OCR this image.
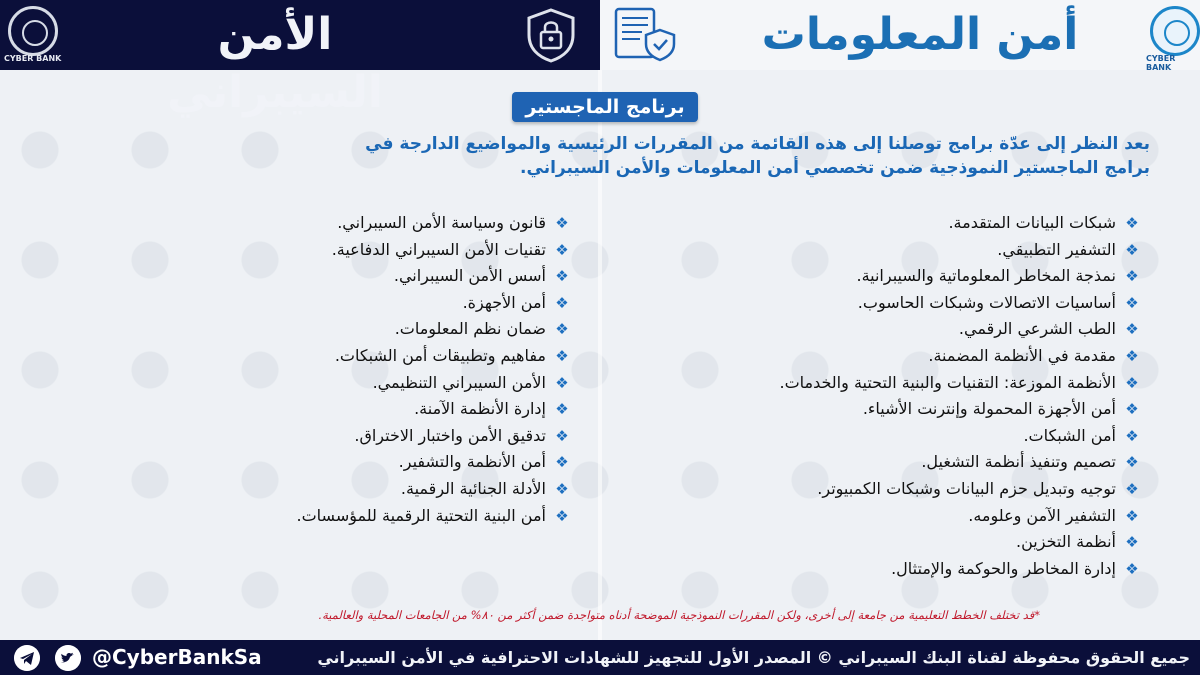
CYBER BANK	الأمن السيبراني
أمن المعلومات	CYBER BANK
برنامج الماجستير
بعد النظر إلى عدّة برامج توصلنا إلى هذه القائمة من المقررات الرئيسية والمواضيع الدارجة في برامج الماجستير النموذجية ضمن تخصصي أمن المعلومات والأمن السيبراني.
❖شبكات البيانات المتقدمة.
❖التشفير التطبيقي.
❖نمذجة المخاطر المعلوماتية والسيبرانية.
❖أساسيات الاتصالات وشبكات الحاسوب.
❖الطب الشرعي الرقمي.
❖مقدمة في الأنظمة المضمنة.
❖الأنظمة الموزعة: التقنيات والبنية التحتية والخدمات.
❖أمن الأجهزة المحمولة وإنترنت الأشياء.
❖أمن الشبكات.
❖تصميم وتنفيذ أنظمة التشغيل.
❖توجيه وتبديل حزم البيانات وشبكات الكمبيوتر.
❖التشفير الآمن وعلومه.
❖أنظمة التخزين.
❖إدارة المخاطر والحوكمة والإمتثال.
❖قانون وسياسة الأمن السيبراني.
❖تقنيات الأمن السيبراني الدفاعية.
❖أسس الأمن السيبراني.
❖أمن الأجهزة.
❖ضمان نظم المعلومات.
❖مفاهيم وتطبيقات أمن الشبكات.
❖الأمن السيبراني التنظيمي.
❖إدارة الأنظمة الآمنة.
❖تدقيق الأمن واختبار الاختراق.
❖أمن الأنظمة والتشفير.
❖الأدلة الجنائية الرقمية.
❖أمن البنية التحتية الرقمية للمؤسسات.
*قد تختلف الخطط التعليمية من جامعة إلى أخرى، ولكن المقررات النموذجية الموضحة أدناه متواجدة ضمن أكثر من ٨٠% من الجامعات المحلية والعالمية.
@CyberBankSa	جميع الحقوق محفوظة لقناة البنك السيبراني © المصدر الأول للتجهيز للشهادات الاحترافية في الأمن السيبراني
